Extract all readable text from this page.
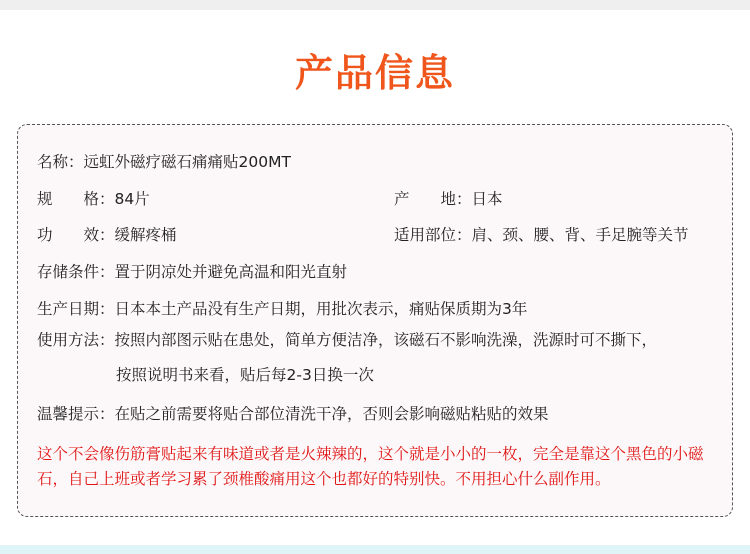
产品信息
名称：远虹外磁疗磁石痛痛贴200MT
规　　格：84片	产　　地：日本
功　　效：缓解疼桶	适用部位：肩、颈、腰、背、手足腕等关节
存储条件：置于阴凉处并避免高温和阳光直射
生产日期：日本本土产品没有生产日期，用批次表示，痛贴保质期为3年
使用方法：按照内部图示贴在患处，简单方便洁净，该磁石不影响洗澡，洗源时可不撕下，
按照说明书来看，贴后每2-3日换一次
温馨提示：在贴之前需要将贴合部位清洗干净，否则会影响磁贴粘贴的效果
这个不会像伤筋膏贴起来有味道或者是火辣辣的，这个就是小小的一枚，完全是靠这个黑色的小磁石，自己上班或者学习累了颈椎酸痛用这个也都好的特别快。不用担心什么副作用。
